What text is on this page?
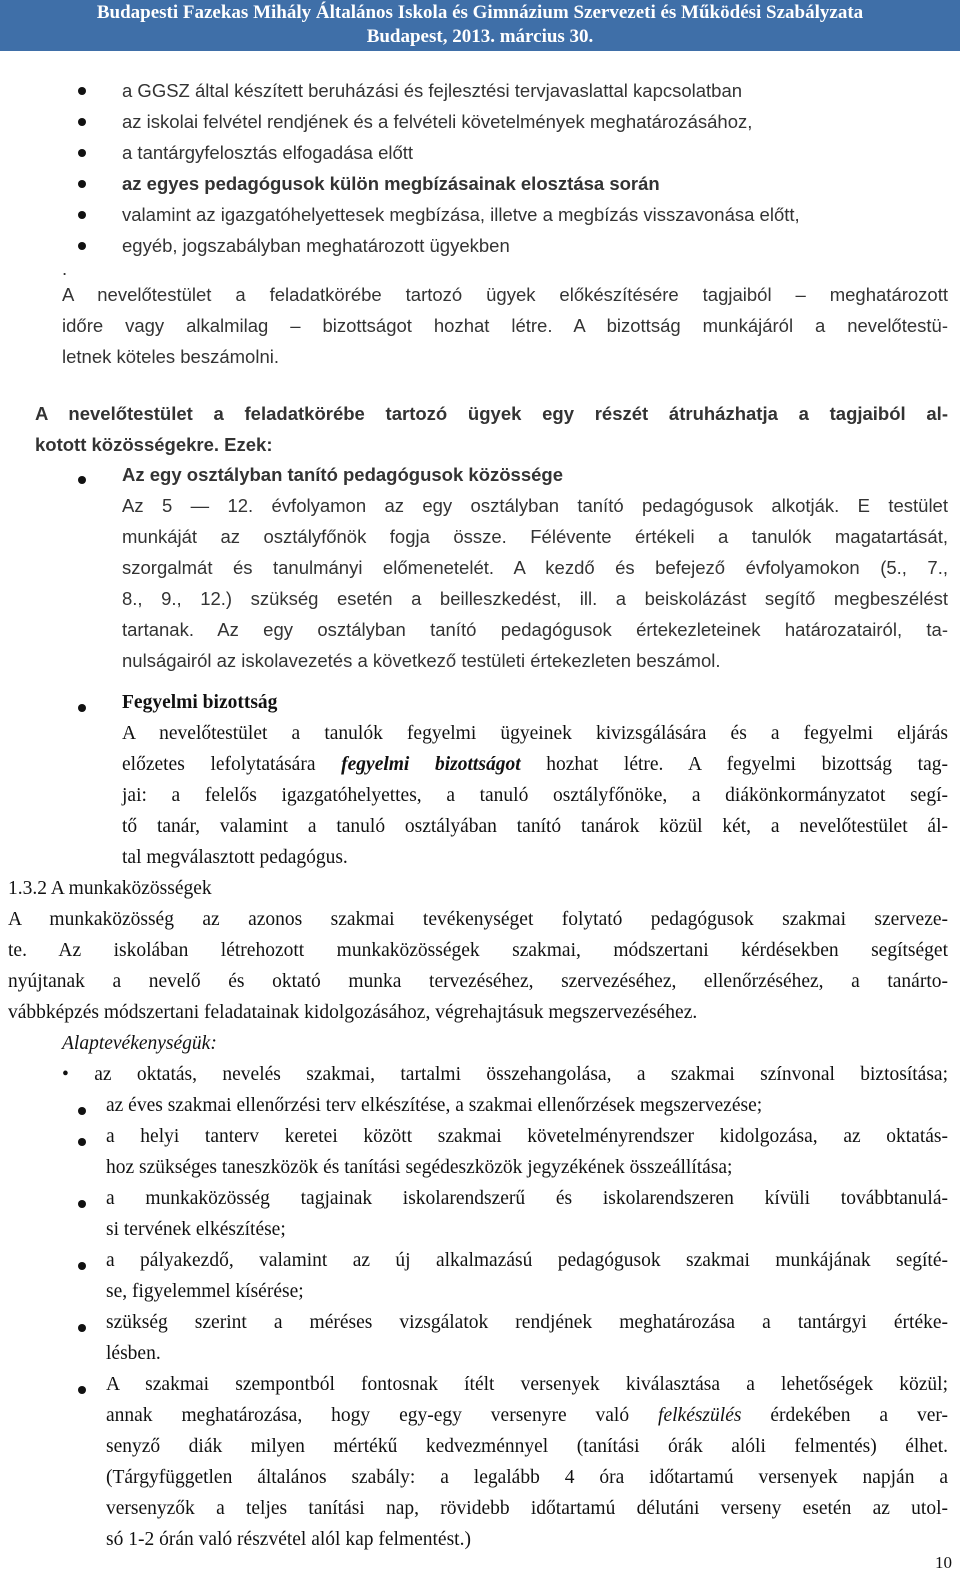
Budapesti Fazekas Mihály Általános Iskola és Gimnázium Szervezeti és Működési Szabályzata
Budapest, 2013. március 30.
a GGSZ által készített beruházási és fejlesztési tervjavaslattal kapcsolatban
az iskolai felvétel rendjének és a felvételi követelmények meghatározásához,
a tantárgyfelosztás elfogadása előtt
az egyes pedagógusok külön megbízásainak elosztása során
valamint az igazgatóhelyettesek megbízása, illetve a megbízás visszavonása előtt,
egyéb, jogszabályban meghatározott ügyekben
.
A nevelőtestület a feladatkörébe tartozó ügyek előkészítésére tagjaiból – meghatározott
időre vagy alkalmilag – bizottságot hozhat létre. A bizottság munkájáról a nevelőtestü-
letnek köteles beszámolni.
A nevelőtestület a feladatkörébe tartozó ügyek egy részét átruházhatja a tagjaiból al-
kotott közösségekre. Ezek:
Az egy osztályban tanító pedagógusok közössége
Az 5 — 12. évfolyamon az egy osztályban tanító pedagógusok alkotják. E testület
munkáját az osztályfőnök fogja össze. Félévente értékeli a tanulók magatartását,
szorgalmát és tanulmányi előmenetelét. A kezdő és befejező évfolyamokon (5., 7.,
8., 9., 12.) szükség esetén a beilleszkedést, ill. a beiskolázást segítő megbeszélést
tartanak. Az egy osztályban tanító pedagógusok értekezleteinek határozatairól, ta-
nulságairól az iskolavezetés a következő testületi értekezleten beszámol.
Fegyelmi bizottság
A nevelőtestület a tanulók fegyelmi ügyeinek kivizsgálására és a fegyelmi eljárás
előzetes lefolytatására fegyelmi bizottságot hozhat létre. A fegyelmi bizottság tag-
jai: a felelős igazgatóhelyettes, a tanuló osztályfőnöke, a diákönkormányzatot segí-
tő tanár, valamint a tanuló osztályában tanító tanárok közül két, a nevelőtestület ál-
tal megválasztott pedagógus.
1.3.2 A munkaközösségek
A munkaközösség az azonos szakmai tevékenységet folytató pedagógusok szakmai szerveze-
te. Az iskolában létrehozott munkaközösségek szakmai, módszertani kérdésekben segítséget
nyújtanak a nevelő és oktató munka tervezéséhez, szervezéséhez, ellenőrzéséhez, a tanárto-
vábbképzés módszertani feladatainak kidolgozásához, végrehajtásuk megszervezéséhez.
Alaptevékenységük:
• az oktatás, nevelés szakmai, tartalmi összehangolása, a szakmai színvonal biztosítása;
az éves szakmai ellenőrzési terv elkészítése, a szakmai ellenőrzések megszervezése;
a helyi tanterv keretei között szakmai követelményrendszer kidolgozása, az oktatás-
hoz szükséges taneszközök és tanítási segédeszközök jegyzékének összeállítása;
a munkaközösség tagjainak iskolarendszerű és iskolarendszeren kívüli továbbtanulá-
si tervének elkészítése;
a pályakezdő, valamint az új alkalmazású pedagógusok szakmai munkájának segíté-
se, figyelemmel kísérése;
szükség szerint a méréses vizsgálatok rendjének meghatározása a tantárgyi értéke-
lésben.
A szakmai szempontból fontosnak ítélt versenyek kiválasztása a lehetőségek közül;
annak meghatározása, hogy egy-egy versenyre való felkészülés érdekében a ver-
senyző diák milyen mértékű kedvezménnyel (tanítási órák alóli felmentés) élhet.
(Tárgyfüggetlen általános szabály: a legalább 4 óra időtartamú versenyek napján a
versenyzők a teljes tanítási nap, rövidebb időtartamú délutáni verseny esetén az utol-
só 1-2 órán való részvétel alól kap felmentést.)
10
